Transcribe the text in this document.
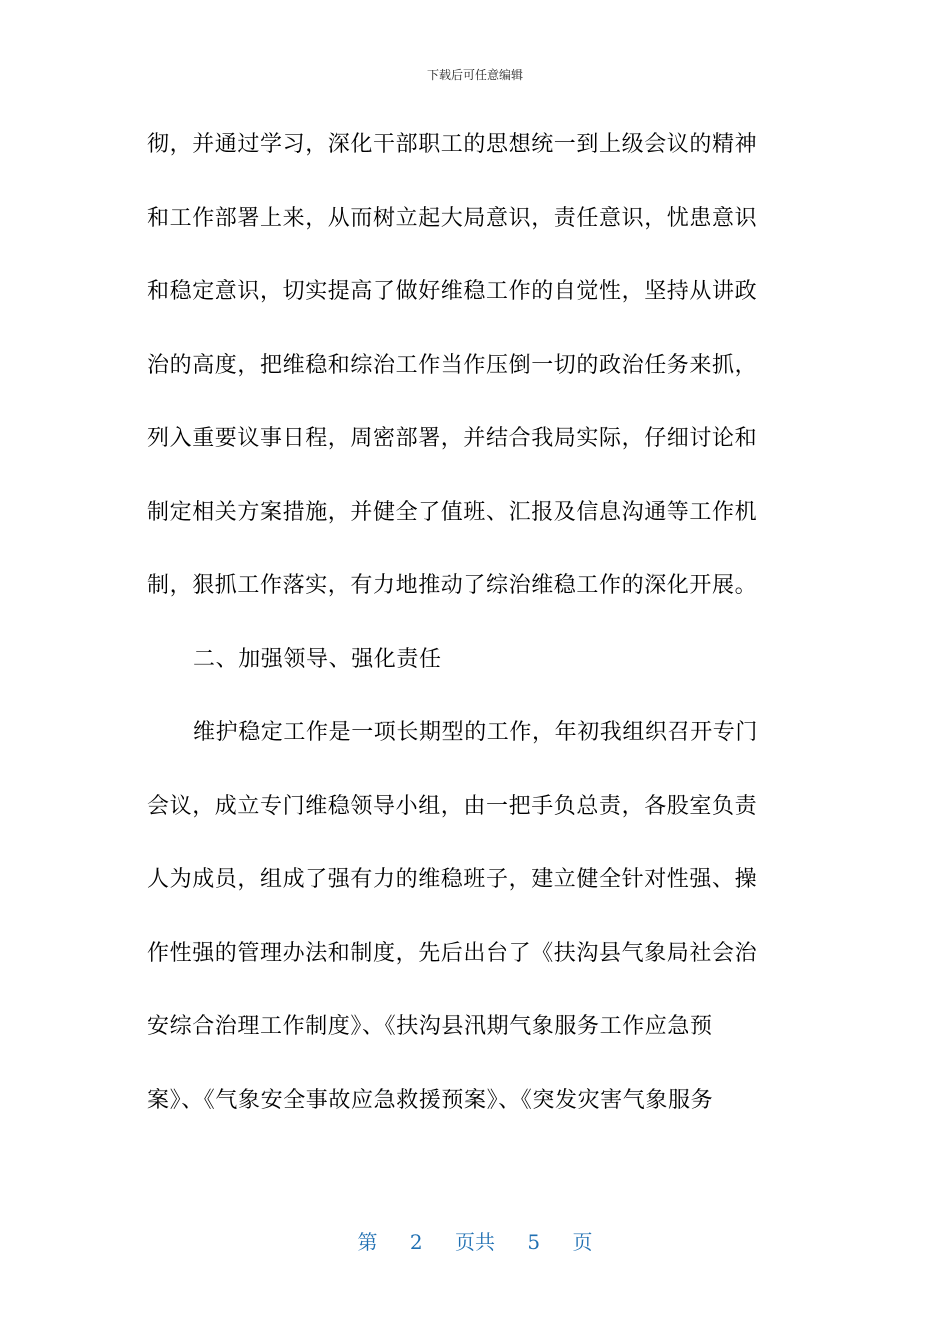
下载后可任意编辑
彻，并通过学习，深化干部职工的思想统一到上级会议的精神
和工作部署上来，从而树立起大局意识，责任意识，忧患意识
和稳定意识，切实提高了做好维稳工作的自觉性，坚持从讲政
治的高度，把维稳和综治工作当作压倒一切的政治任务来抓，
列入重要议事日程，周密部署，并结合我局实际，仔细讨论和
制定相关方案措施，并健全了值班、汇报及信息沟通等工作机
制，狠抓工作落实，有力地推动了综治维稳工作的深化开展。
二、加强领导、强化责任
维护稳定工作是一项长期型的工作，年初我组织召开专门
会议，成立专门维稳领导小组，由一把手负总责，各股室负责
人为成员，组成了强有力的维稳班子，建立健全针对性强、操
作性强的管理办法和制度，先后出台了《扶沟县气象局社会治
安综合治理工作制度》、《扶沟县汛期气象服务工作应急预
案》、《气象安全事故应急救援预案》、《突发灾害气象服务
第 2 页共 5 页
